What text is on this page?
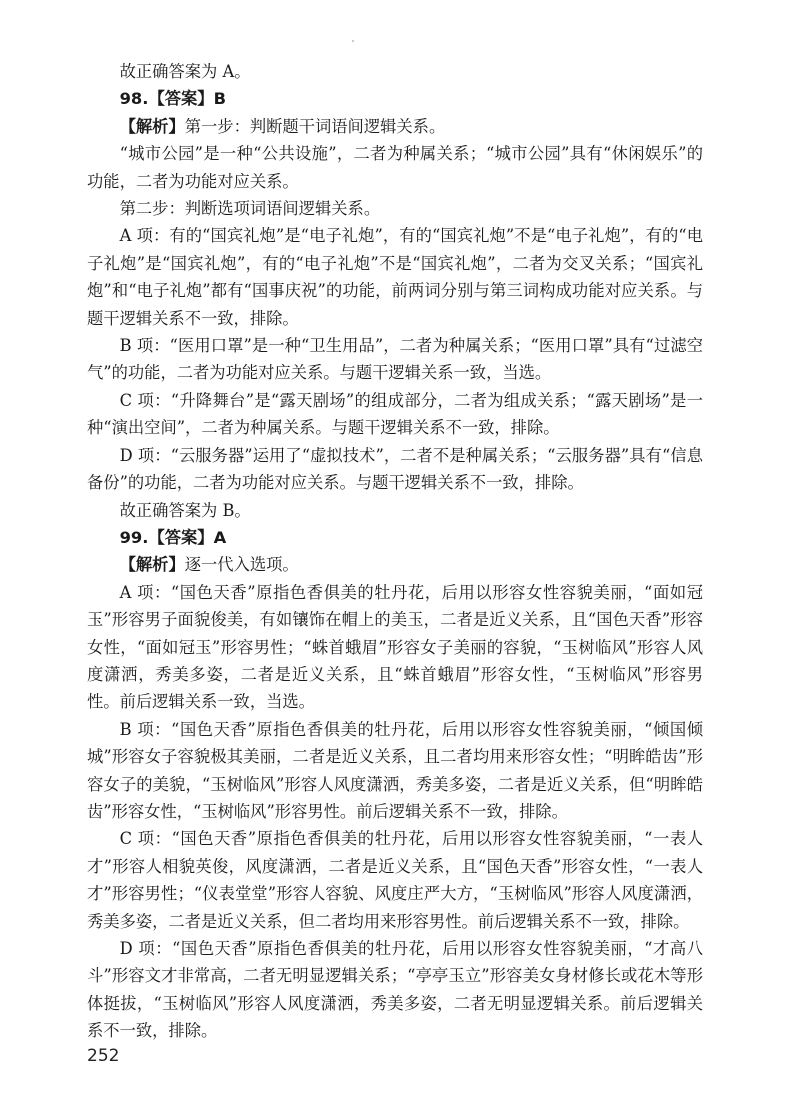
故正确答案为 A。

98.【答案】B

【解析】第一步：判断题干词语间逻辑关系。

“城市公园”是一种“公共设施”，二者为种属关系；“城市公园”具有“休闲娱乐”的功能，二者为功能对应关系。

第二步：判断选项词语间逻辑关系。

A 项：有的“国宾礼炮”是“电子礼炮”，有的“国宾礼炮”不是“电子礼炮”，有的“电子礼炮”是“国宾礼炮”，有的“电子礼炮”不是“国宾礼炮”，二者为交叉关系；“国宾礼炮”和“电子礼炮”都有“国事庆祝”的功能，前两词分别与第三词构成功能对应关系。与题干逻辑关系不一致，排除。

B 项：“医用口罩”是一种“卫生用品”，二者为种属关系；“医用口罩”具有“过滤空气”的功能，二者为功能对应关系。与题干逻辑关系一致，当选。

C 项：“升降舞台”是“露天剧场”的组成部分，二者为组成关系；“露天剧场”是一种“演出空间”，二者为种属关系。与题干逻辑关系不一致，排除。

D 项：“云服务器”运用了“虚拟技术”，二者不是种属关系；“云服务器”具有“信息备份”的功能，二者为功能对应关系。与题干逻辑关系不一致，排除。

故正确答案为 B。

99.【答案】A

【解析】逐一代入选项。

A 项：“国色天香”原指色香俱美的牡丹花，后用以形容女性容貌美丽，“面如冠玉”形容男子面貌俊美，有如镶饰在帽上的美玉，二者是近义关系，且“国色天香”形容女性，“面如冠玉”形容男性；“蛛首蛾眉”形容女子美丽的容貌，“玉树临风”形容人风度潇洒，秀美多姿，二者是近义关系，且“蛛首蛾眉”形容女性，“玉树临风”形容男性。前后逻辑关系一致，当选。

B 项：“国色天香”原指色香俱美的牡丹花，后用以形容女性容貌美丽，“倾国倾城”形容女子容貌极其美丽，二者是近义关系，且二者均用来形容女性；“明眸皓齿”形容女子的美貌，“玉树临风”形容人风度潇洒，秀美多姿，二者是近义关系，但“明眸皓齿”形容女性，“玉树临风”形容男性。前后逻辑关系不一致，排除。

C 项：“国色天香”原指色香俱美的牡丹花，后用以形容女性容貌美丽，“一表人才”形容人相貌英俊，风度潇洒，二者是近义关系，且“国色天香”形容女性，“一表人才”形容男性；“仪表堂堂”形容人容貌、风度庄严大方，“玉树临风”形容人风度潇洒，秀美多姿，二者是近义关系，但二者均用来形容男性。前后逻辑关系不一致，排除。

D 项：“国色天香”原指色香俱美的牡丹花，后用以形容女性容貌美丽，“才高八斗”形容文才非常高，二者无明显逻辑关系；“亭亭玉立”形容美女身材修长或花木等形体挺拔，“玉树临风”形容人风度潇洒，秀美多姿，二者无明显逻辑关系。前后逻辑关系不一致，排除。

252
